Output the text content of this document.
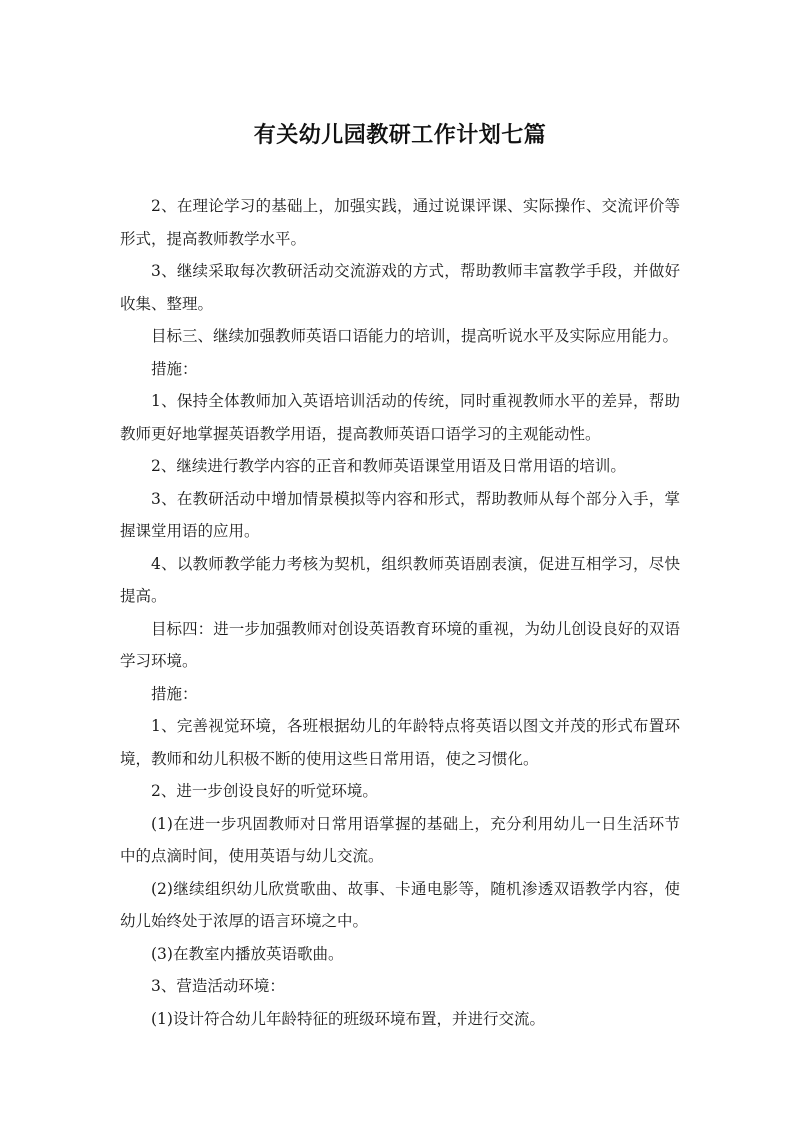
有关幼儿园教研工作计划七篇

2、在理论学习的基础上，加强实践，通过说课评课、实际操作、交流评价等形式，提高教师教学水平。

3、继续采取每次教研活动交流游戏的方式，帮助教师丰富教学手段，并做好收集、整理。

目标三、继续加强教师英语口语能力的培训，提高听说水平及实际应用能力。

措施：

1、保持全体教师加入英语培训活动的传统，同时重视教师水平的差异，帮助教师更好地掌握英语教学用语，提高教师英语口语学习的主观能动性。

2、继续进行教学内容的正音和教师英语课堂用语及日常用语的培训。

3、在教研活动中增加情景模拟等内容和形式，帮助教师从每个部分入手，掌握课堂用语的应用。

4、以教师教学能力考核为契机，组织教师英语剧表演，促进互相学习，尽快提高。

目标四：进一步加强教师对创设英语教育环境的重视，为幼儿创设良好的双语学习环境。

措施：

1、完善视觉环境，各班根据幼儿的年龄特点将英语以图文并茂的形式布置环境，教师和幼儿积极不断的使用这些日常用语，使之习惯化。

2、进一步创设良好的听觉环境。

(1)在进一步巩固教师对日常用语掌握的基础上，充分利用幼儿一日生活环节中的点滴时间，使用英语与幼儿交流。

(2)继续组织幼儿欣赏歌曲、故事、卡通电影等，随机渗透双语教学内容，使幼儿始终处于浓厚的语言环境之中。

(3)在教室内播放英语歌曲。

3、营造活动环境：

(1)设计符合幼儿年龄特征的班级环境布置，并进行交流。
